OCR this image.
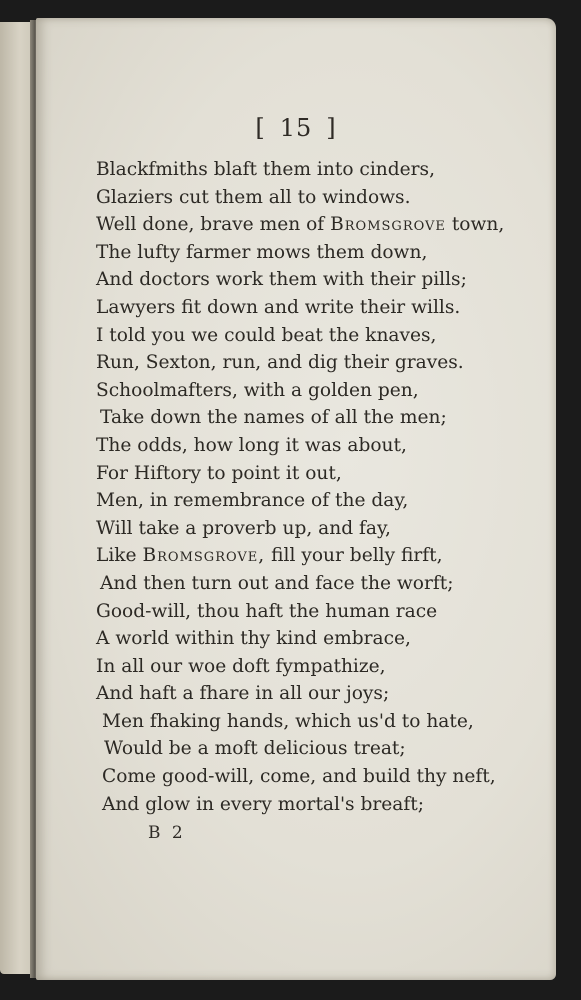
[ 15 ]
Blackfmiths blaft them into cinders,
Glaziers cut them all to windows.
Well done, brave men of Bromsgrove town,
The lufty farmer mows them down,
And doctors work them with their pills;
Lawyers fit down and write their wills.
I told you we could beat the knaves,
Run, Sexton, run, and dig their graves.
Schoolmafters, with a golden pen,
Take down the names of all the men;
The odds, how long it was about,
For Hiftory to point it out,
Men, in remembrance of the day,
Will take a proverb up, and fay,
Like Bromsgrove, fill your belly firft,
And then turn out and face the worft;
Good-will, thou haft the human race
A world within thy kind embrace,
In all our woe doft fympathize,
And haft a fhare in all our joys;
Men fhaking hands, which us'd to hate,
Would be a moft delicious treat;
Come good-will, come, and build thy neft,
And glow in every mortal's breaft;
B 2
